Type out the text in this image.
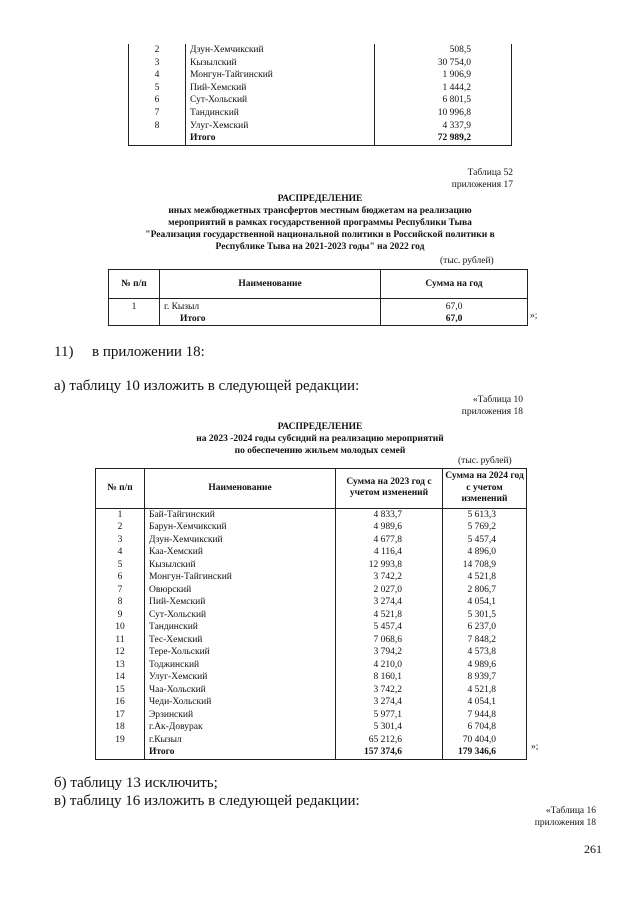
2	Дзун-Хемчикский	508,5
3	Кызылский	30 754,0
4	Монгун-Тайгинский	1 906,9
5	Пий-Хемский	1 444,2
6	Сут-Хольский	6 801,5
7	Тандинский	10 996,8
8	Улуг-Хемский	4 337,9
	Итого	72 989,2
Таблица 52
приложения 17
РАСПРЕДЕЛЕНИЕ
иных межбюджетных трансфертов местным бюджетам на реализацию
мероприятий в рамках государственной программы Республики Тыва
"Реализация государственной национальной политики в Российской политики в
Республике Тыва на 2021-2023 годы" на 2022 год
(тыс. рублей)
№ п/п	Наименование	Сумма на год
1	г. Кызыл	67,0
	Итого	67,0	»;
11) в приложении 18:
а) таблицу 10 изложить в следующей редакции:
«Таблица 10
приложения 18
РАСПРЕДЕЛЕНИЕ
на 2023 -2024 годы субсидий на реализацию мероприятий
по обеспечению жильем молодых семей
(тыс. рублей)
№ п/п	Наименование	Сумма на 2023 год с учетом изменений	Сумма на 2024 год с учетом изменений
1	Бай-Тайгинский	4 833,7	5 613,3
2	Барун-Хемчикский	4 989,6	5 769,2
3	Дзун-Хемчикский	4 677,8	5 457,4
4	Каа-Хемский	4 116,4	4 896,0
5	Кызылский	12 993,8	14 708,9
6	Монгун-Тайгинский	3 742,2	4 521,8
7	Овюрский	2 027,0	2 806,7
8	Пий-Хемский	3 274,4	4 054,1
9	Сут-Хольский	4 521,8	5 301,5
10	Тандинский	5 457,4	6 237,0
11	Тес-Хемский	7 068,6	7 848,2
12	Тере-Хольский	3 794,2	4 573,8
13	Тоджинский	4 210,0	4 989,6
14	Улуг-Хемский	8 160,1	8 939,7
15	Чаа-Хольский	3 742,2	4 521,8
16	Чеди-Хольский	3 274,4	4 054,1
17	Эрзинский	5 977,1	7 944,8
18	г.Ак-Довурак	5 301,4	6 704,8
19	г.Кызыл	65 212,6	70 404,0
	Итого	157 374,6	179 346,6	»;
б) таблицу 13 исключить;
в) таблицу 16 изложить в следующей редакции:
«Таблица 16
приложения 18
261
